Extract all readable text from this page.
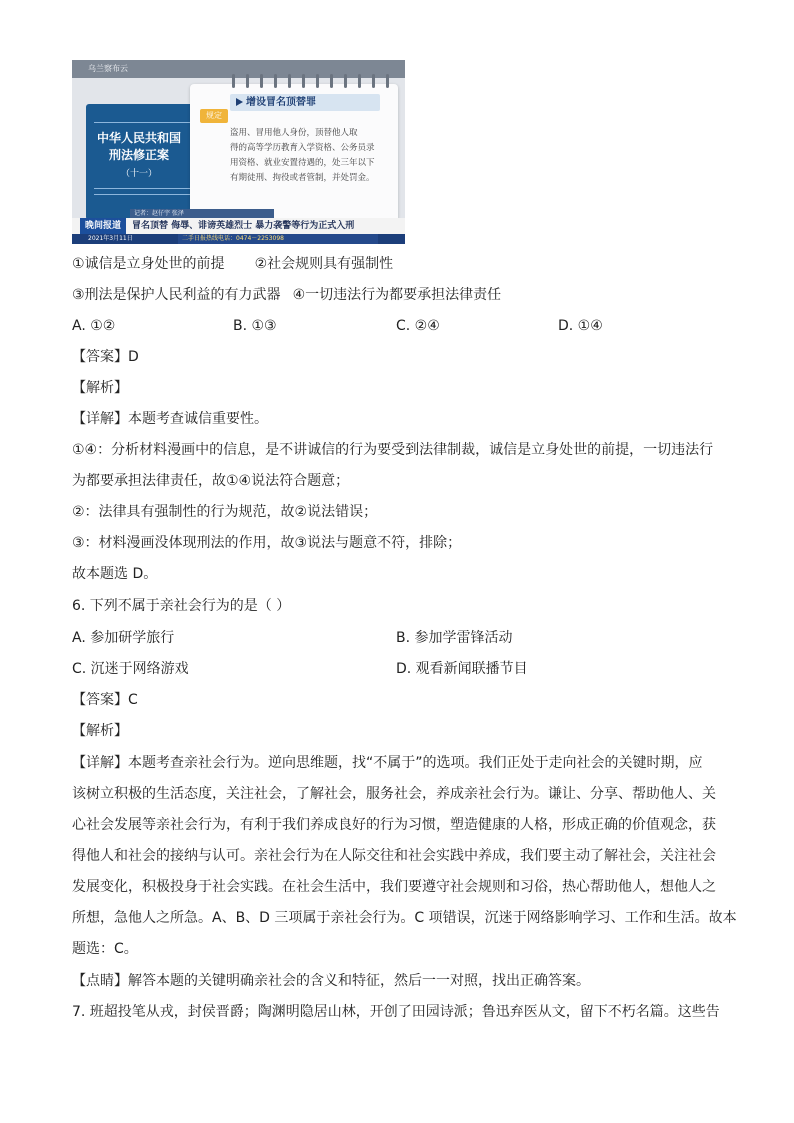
乌兰察布云
中华人民共和国
刑法修正案
（十一）
规定
增设冒名顶替罪
盗用、冒用他人身份，顶替他人取
得的高等学历教育入学资格、公务员录
用资格、就业安置待遇的，处三年以下
有期徒刑、拘役或者管制，并处罚金。
记者：赵仔宇 张泽
晚间报道	冒名顶替 侮辱、诽谤英雄烈士 暴力袭警等行为正式入刑
2021年3月11日	二手日报热线电话：0474－2253098
①诚信是立身处世的前提 ②社会规则具有强制性
③刑法是保护人民利益的有力武器 ④一切违法行为都要承担法律责任
A. ①②	B. ①③	C. ②④	D. ①④
【答案】D
【解析】
【详解】本题考查诚信重要性。
①④：分析材料漫画中的信息，是不讲诚信的行为要受到法律制裁，诚信是立身处世的前提，一切违法行
为都要承担法律责任，故①④说法符合题意；
②：法律具有强制性的行为规范，故②说法错误；
③：材料漫画没体现刑法的作用，故③说法与题意不符，排除；
故本题选 D。
6. 下列不属于亲社会行为的是（ ）
A. 参加研学旅行	B. 参加学雷锋活动
C. 沉迷于网络游戏	D. 观看新闻联播节目
【答案】C
【解析】
【详解】本题考查亲社会行为。逆向思维题，找“不属于”的选项。我们正处于走向社会的关键时期，应
该树立积极的生活态度，关注社会，了解社会，服务社会，养成亲社会行为。谦让、分享、帮助他人、关
心社会发展等亲社会行为，有利于我们养成良好的行为习惯，塑造健康的人格，形成正确的价值观念，获
得他人和社会的接纳与认可。亲社会行为在人际交往和社会实践中养成，我们要主动了解社会，关注社会
发展变化，积极投身于社会实践。在社会生活中，我们要遵守社会规则和习俗，热心帮助他人，想他人之
所想，急他人之所急。A、B、D 三项属于亲社会行为。C 项错误，沉迷于网络影响学习、工作和生活。故本
题选：C。
【点睛】解答本题的关键明确亲社会的含义和特征，然后一一对照，找出正确答案。
7. 班超投笔从戎，封侯晋爵；陶渊明隐居山林，开创了田园诗派；鲁迅弃医从文，留下不朽名篇。这些告
